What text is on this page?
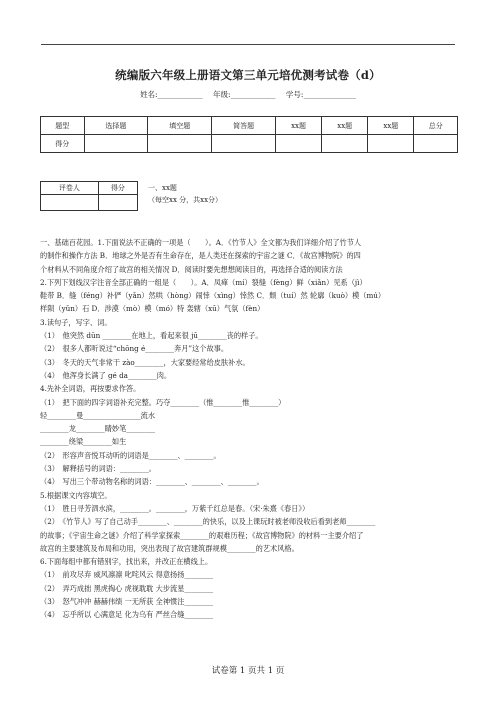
统编版六年级上册语文第三单元培优测考试卷（d）
姓名:____________ 年级:____________ 学号:______________
题型	选择题	填空题	简答题	xx题	xx题	xx题	总分
得分							
评卷人	得分
		一、xx题
（每空xx 分，共xx分）

一、基础百花园。1.下面说法不正确的一项是（　　）。A．《竹节人》全文都为我们详细介绍了竹节人

的制作和操作方法 B．地球之外是否有生命存在，是人类还在探索的宇宙之谜 C．《故宫博物院》的四

个材料从不同角度介绍了故宫的相关情况 D．阅读时要先想想阅读目的，再选择合适的阅读方法

2.下列下划线汉字注音全部正确的一组是（　　）。A．凤瘅（mí）裂缝（fèng）鲜（xiǎn）见系（jì）

鞋带 B．缝（féng）补俨（yǎn）然哄（hòng）闹悻（xìng）悻然 C．颓（tuí）然 轮廓（kuò）模（mú）

样陨（yǔn）石 D．涉漠（mò）模（mó）特 轰辖（xū）气氛（fèn）

3.读句子，写字、词。

（1）　他突然 dūn ________在地上，看起来很 jū________丧的样子。

（2）　很多人都听说过“chōng é________奔月”这个故事。

（3）　冬天的天气非常干 zào________，大家要经常给皮肤补水。

（4）　他浑身长满了 gé da________肉。

4.先补全词语，再按要求作答。

（1）　把下面的四字词语补充完整。巧夺________（惟________惟________）

轻________曼________________流水

________龙________睛妙笔________

________绕梁________如生

（2）　形容声音悦耳动听的词语是________、________。

（3）　解释括号的词语：________。

（4）　写出三个带动物名称的词语：________、________、________。

5.根据课文内容填空。

（1）　胜日寻芳泗水滨，________。________，万紫千红总是春。（宋·朱熹《春日》）

（2）　《竹节人》写了自己动手________、________的快乐，以及上课玩时被老师没收后看到老师________

的故事；《宇宙生命之谜》介绍了科学家探索________的艰难历程；《故宫博物院》的材料一主要介绍了

故宫的主要建筑及布局和功用，突出表现了故宫建筑群规模________的艺术风格。

6.下面每组中都有错别字，找出来，并改正在横线上。

（1）　前攻尽弃 威风凛凛 叱咤风云 得意扬扬________

（2）　弄巧成拙 黑虎掏心 虎视耽耽 大步流星________

（3）　怒气冲冲 赫赫伟绩 一无所获 全神惯注________

（4）　忘乎所以 心满意足 化为乌有 严丝合缝________

试卷第 1 页共 1 页
